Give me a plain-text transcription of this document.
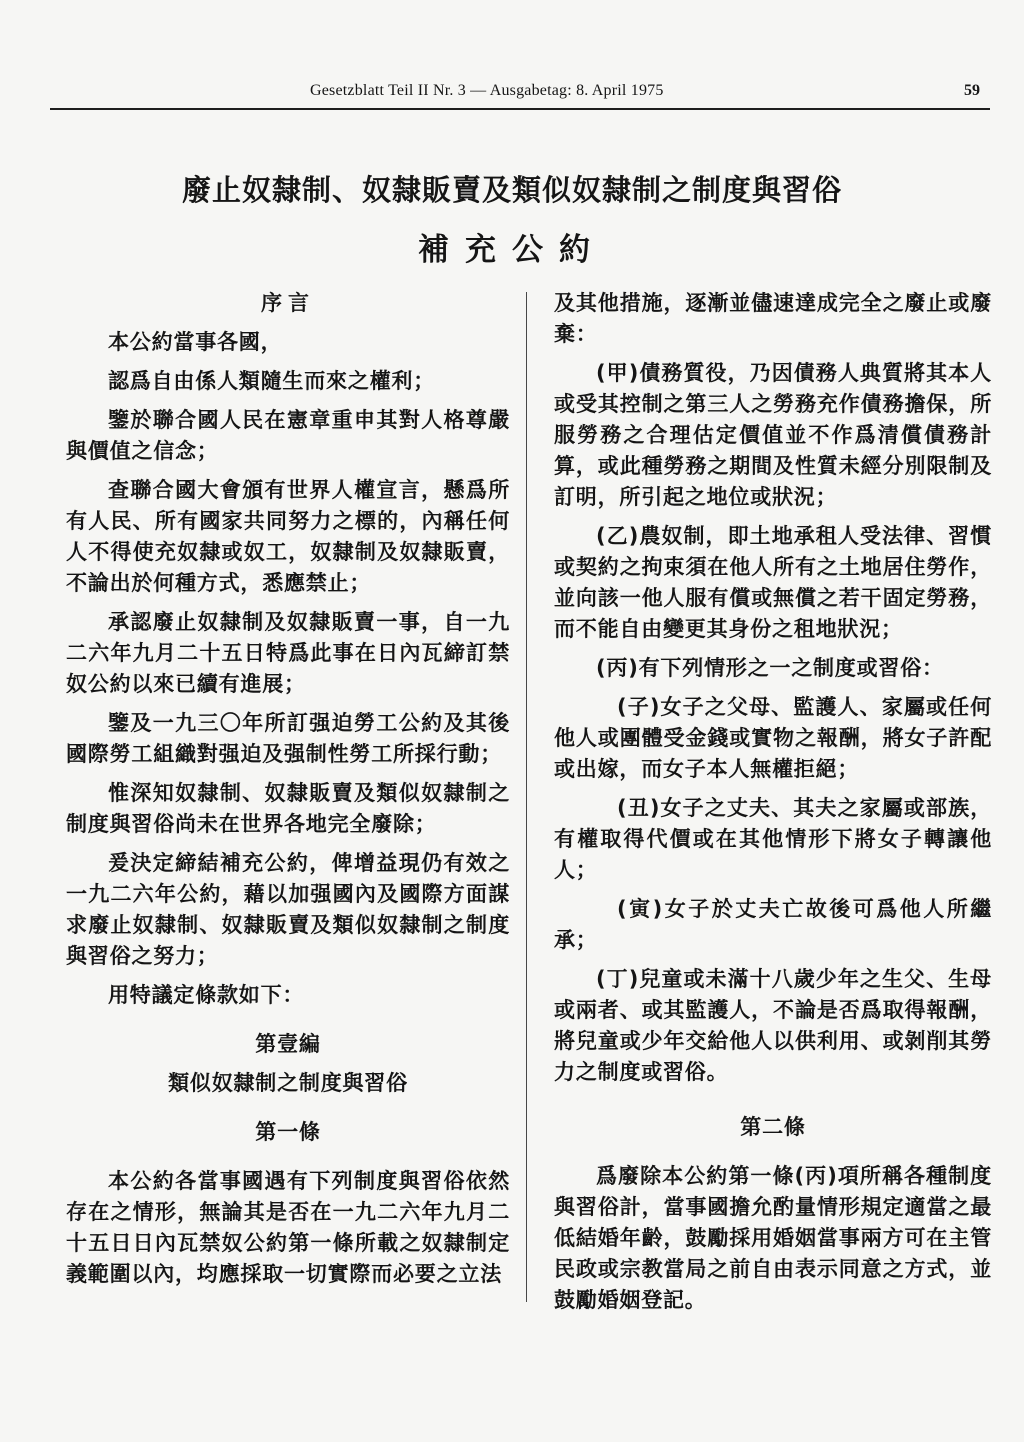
Gesetzblatt Teil II Nr. 3 — Ausgabetag: 8. April 1975	59
廢止奴隸制、奴隸販賣及類似奴隸制之制度與習俗
補充公約
序言
本公約當事各國，
認爲自由係人類隨生而來之權利；
鑒於聯合國人民在憲章重申其對人格尊嚴與價值之信念；
查聯合國大會頒有世界人權宣言，懸爲所有人民、所有國家共同努力之標的，內稱任何人不得使充奴隸或奴工，奴隸制及奴隸販賣，不論出於何種方式，悉應禁止；
承認廢止奴隸制及奴隸販賣一事，自一九二六年九月二十五日特爲此事在日內瓦締訂禁奴公約以來已續有進展；
鑒及一九三〇年所訂强迫勞工公約及其後國際勞工組織對强迫及强制性勞工所採行動；
惟深知奴隸制、奴隸販賣及類似奴隸制之制度與習俗尚未在世界各地完全廢除；
爰決定締結補充公約，俾增益現仍有效之一九二六年公約，藉以加强國內及國際方面謀求廢止奴隸制、奴隸販賣及類似奴隸制之制度與習俗之努力；
用特議定條款如下：
第壹編
類似奴隸制之制度與習俗
第一條
本公約各當事國遇有下列制度與習俗依然存在之情形，無論其是否在一九二六年九月二十五日日內瓦禁奴公約第一條所載之奴隸制定義範圍以內，均應採取一切實際而必要之立法
及其他措施，逐漸並儘速達成完全之廢止或廢棄：
(甲)債務質役，乃因債務人典質將其本人或受其控制之第三人之勞務充作債務擔保，所服勞務之合理估定價值並不作爲清償債務計算，或此種勞務之期間及性質未經分別限制及訂明，所引起之地位或狀況；
(乙)農奴制，即土地承租人受法律、習慣或契約之拘束須在他人所有之土地居住勞作，並向該一他人服有償或無償之若干固定勞務，而不能自由變更其身份之租地狀況；
(丙)有下列情形之一之制度或習俗：
(子)女子之父母、監護人、家屬或任何他人或團體受金錢或實物之報酬，將女子許配或出嫁，而女子本人無權拒絕；
(丑)女子之丈夫、其夫之家屬或部族，有權取得代價或在其他情形下將女子轉讓他人；
(寅)女子於丈夫亡故後可爲他人所繼承；
(丁)兒童或未滿十八歲少年之生父、生母或兩者、或其監護人，不論是否爲取得報酬，將兒童或少年交給他人以供利用、或剝削其勞力之制度或習俗。
第二條
爲廢除本公約第一條(丙)項所稱各種制度與習俗計，當事國擔允酌量情形規定適當之最低結婚年齡，鼓勵採用婚姻當事兩方可在主管民政或宗教當局之前自由表示同意之方式，並鼓勵婚姻登記。
